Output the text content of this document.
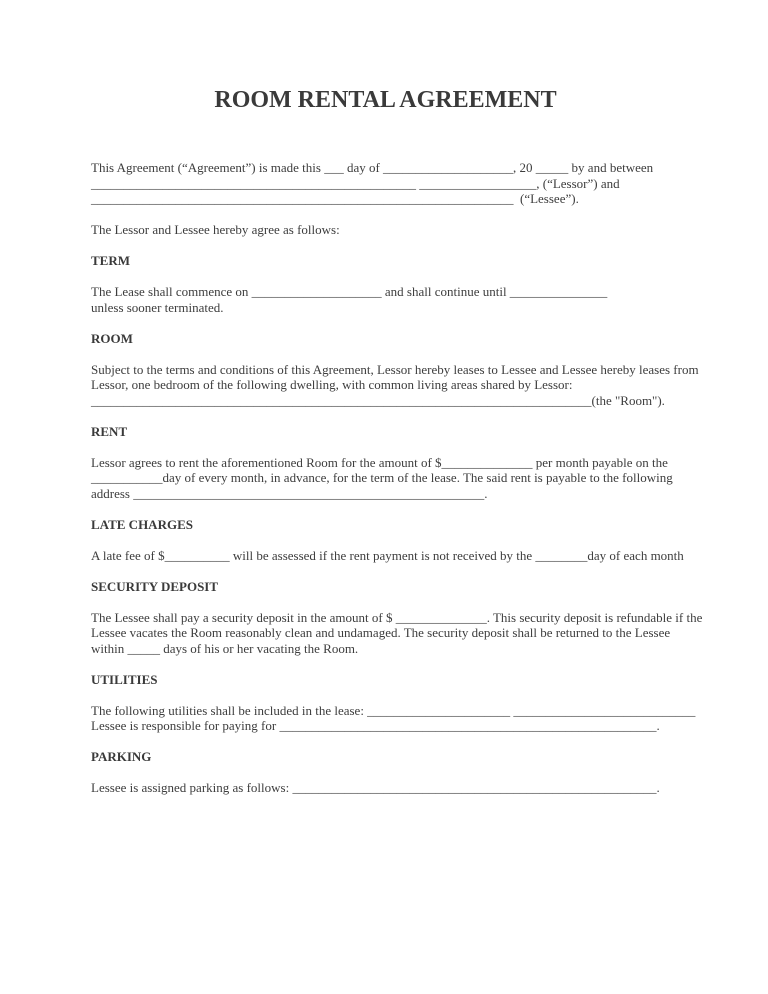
ROOM RENTAL AGREEMENT
This Agreement (“Agreement”) is made this ___ day of ____________________, 20 _____ by and between
__________________________________________________ __________________, (“Lessor”) and
_________________________________________________________________  (“Lessee”).
The Lessor and Lessee hereby agree as follows:
TERM
The Lease shall commence on ____________________ and shall continue until _______________
unless sooner terminated.
ROOM
Subject to the terms and conditions of this Agreement, Lessor hereby leases to Lessee and Lessee hereby leases from
Lessor, one bedroom of the following dwelling, with common living areas shared by Lessor:
_____________________________________________________________________________(the "Room").
RENT
Lessor agrees to rent the aforementioned Room for the amount of $______________ per month payable on the
___________day of every month, in advance, for the term of the lease. The said rent is payable to the following
address ______________________________________________________.
LATE CHARGES
A late fee of $__________ will be assessed if the rent payment is not received by the ________day of each month
SECURITY DEPOSIT
The Lessee shall pay a security deposit in the amount of $ ______________. This security deposit is refundable if the
Lessee vacates the Room reasonably clean and undamaged. The security deposit shall be returned to the Lessee
within _____ days of his or her vacating the Room.
UTILITIES
The following utilities shall be included in the lease: ______________________ ____________________________
Lessee is responsible for paying for __________________________________________________________.
PARKING
Lessee is assigned parking as follows: ________________________________________________________.
